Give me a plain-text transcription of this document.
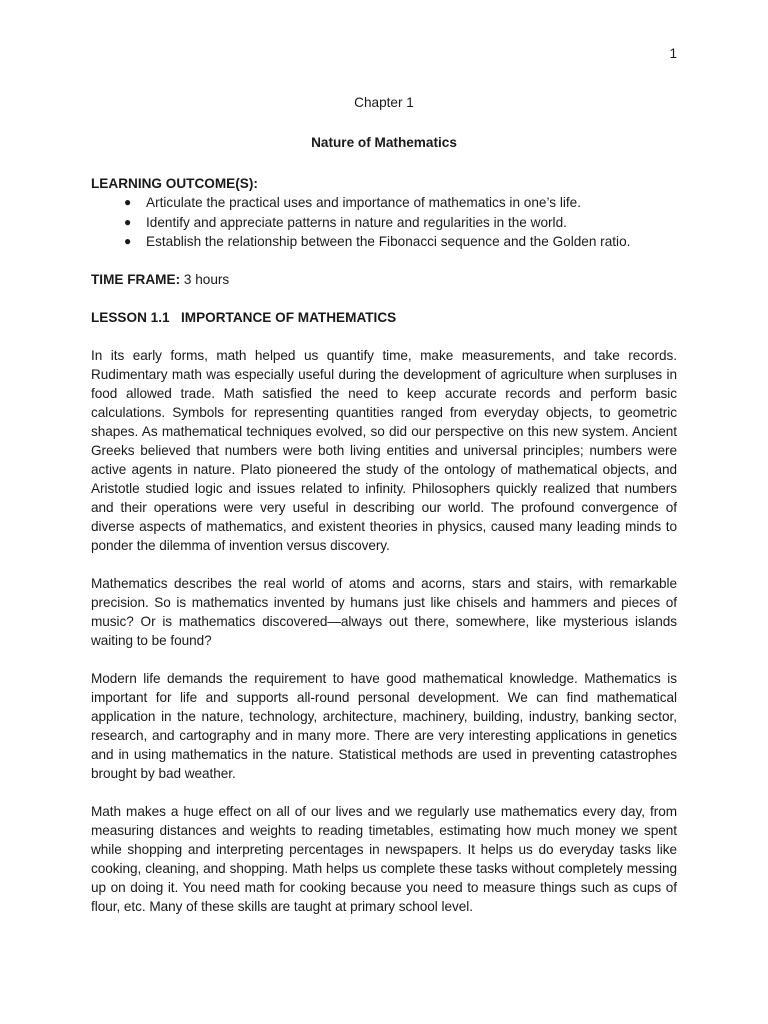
1

Chapter 1

Nature of Mathematics

LEARNING OUTCOME(S):

● Articulate the practical uses and importance of mathematics in one’s life.
● Identify and appreciate patterns in nature and regularities in the world.
● Establish the relationship between the Fibonacci sequence and the Golden ratio.

TIME FRAME: 3 hours

LESSON 1.1 IMPORTANCE OF MATHEMATICS

In its early forms, math helped us quantify time, make measurements, and take records. Rudimentary math was especially useful during the development of agriculture when surpluses in food allowed trade. Math satisfied the need to keep accurate records and perform basic calculations. Symbols for representing quantities ranged from everyday objects, to geometric shapes. As mathematical techniques evolved, so did our perspective on this new system. Ancient Greeks believed that numbers were both living entities and universal principles; numbers were active agents in nature. Plato pioneered the study of the ontology of mathematical objects, and Aristotle studied logic and issues related to infinity. Philosophers quickly realized that numbers and their operations were very useful in describing our world. The profound convergence of diverse aspects of mathematics, and existent theories in physics, caused many leading minds to ponder the dilemma of invention versus discovery.

Mathematics describes the real world of atoms and acorns, stars and stairs, with remarkable precision. So is mathematics invented by humans just like chisels and hammers and pieces of music? Or is mathematics discovered—always out there, somewhere, like mysterious islands waiting to be found?

Modern life demands the requirement to have good mathematical knowledge. Mathematics is important for life and supports all-round personal development. We can find mathematical application in the nature, technology, architecture, machinery, building, industry, banking sector, research, and cartography and in many more. There are very interesting applications in genetics and in using mathematics in the nature. Statistical methods are used in preventing catastrophes brought by bad weather.

Math makes a huge effect on all of our lives and we regularly use mathematics every day, from measuring distances and weights to reading timetables, estimating how much money we spent while shopping and interpreting percentages in newspapers. It helps us do everyday tasks like cooking, cleaning, and shopping. Math helps us complete these tasks without completely messing up on doing it. You need math for cooking because you need to measure things such as cups of flour, etc. Many of these skills are taught at primary school level.
